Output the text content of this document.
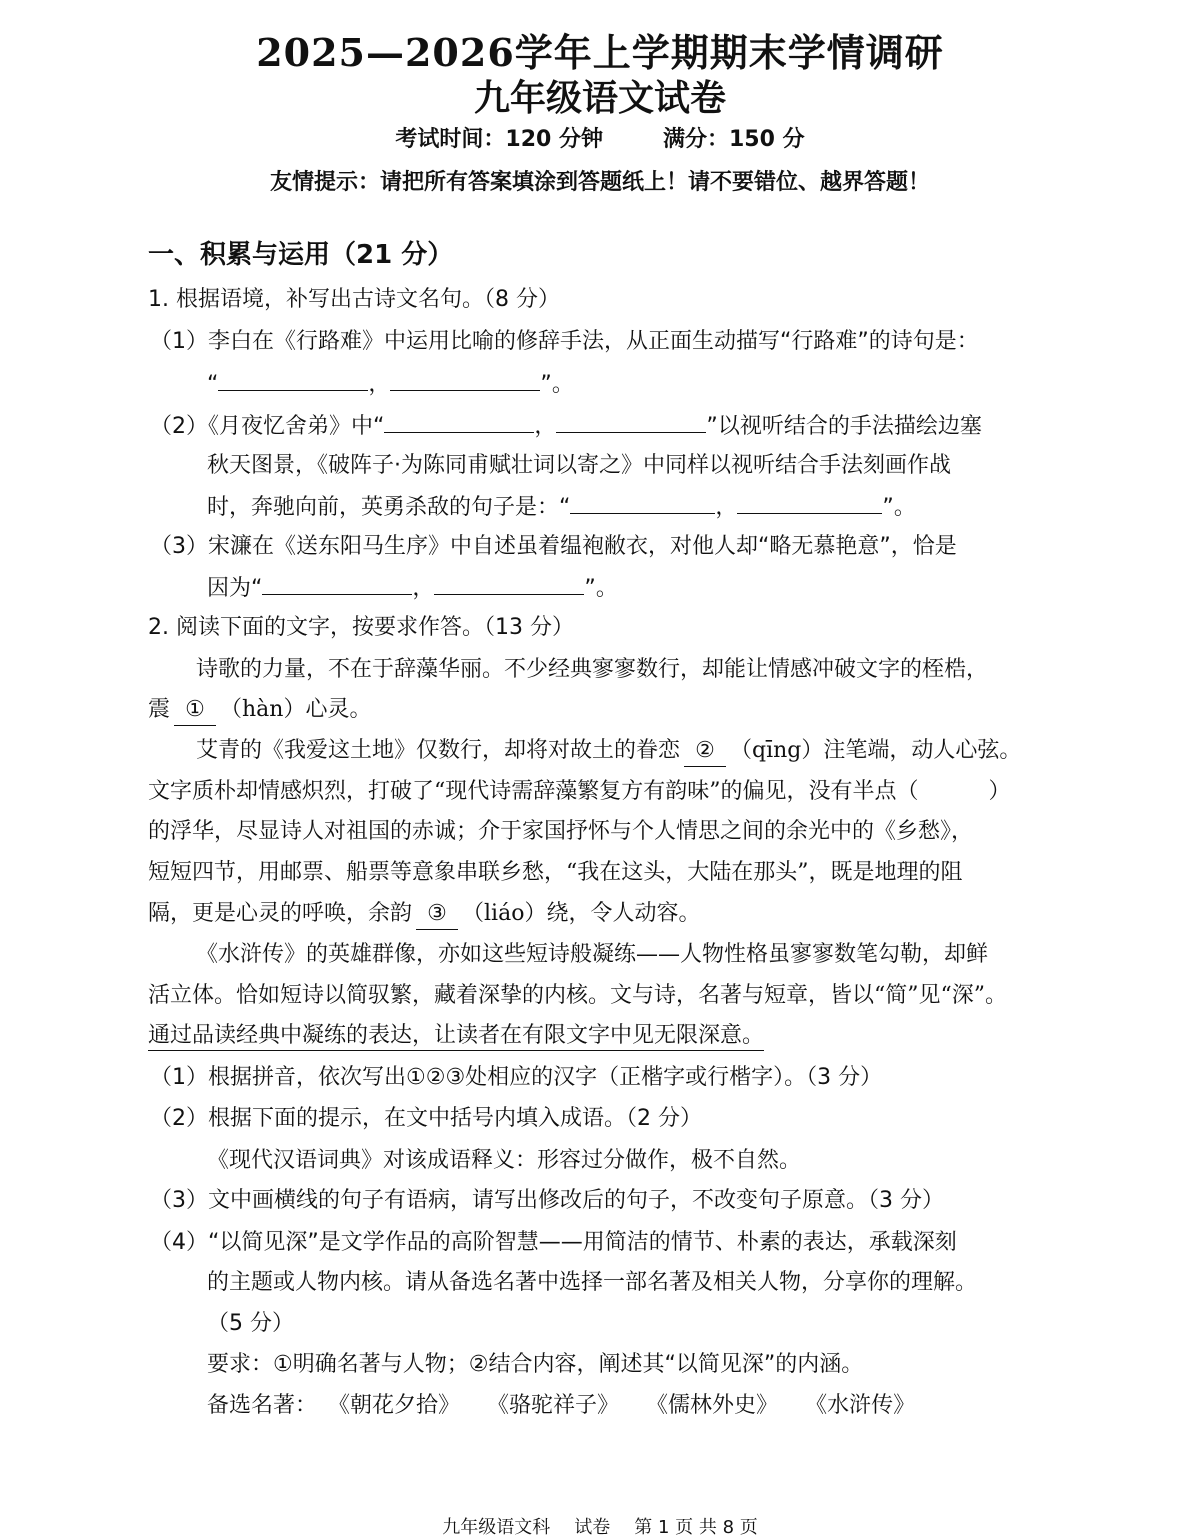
2025—2026学年上学期期末学情调研
九年级语文试卷
考试时间：120 分钟	满分：150 分
友情提示：请把所有答案填涂到答题纸上！请不要错位、越界答题！
一、积累与运用（21 分）
1. 根据语境，补写出古诗文名句。（8 分）
（1）李白在《行路难》中运用比喻的修辞手法，从正面生动描写“行路难”的诗句是：
“	，	”。
（2）《月夜忆舍弟》中“	，	”以视听结合的手法描绘边塞
秋天图景，《破阵子·为陈同甫赋壮词以寄之》中同样以视听结合手法刻画作战
时，奔驰向前，英勇杀敌的句子是：“	，	”。
（3）宋濂在《送东阳马生序》中自述虽着缊袍敝衣，对他人却“略无慕艳意”，恰是
因为“	，	”。
2. 阅读下面的文字，按要求作答。（13 分）
诗歌的力量，不在于辞藻华丽。不少经典寥寥数行，却能让情感冲破文字的桎梏，
震 ① （hàn）心灵。
艾青的《我爱这土地》仅数行，却将对故土的眷恋 ② （qīng）注笔端，动人心弦。
文字质朴却情感炽烈，打破了“现代诗需辞藻繁复方有韵味”的偏见，没有半点（	）
的浮华，尽显诗人对祖国的赤诚；介于家国抒怀与个人情思之间的余光中的《乡愁》，
短短四节，用邮票、船票等意象串联乡愁，“我在这头，大陆在那头”，既是地理的阻
隔，更是心灵的呼唤，余韵 ③ （liáo）绕，令人动容。
《水浒传》的英雄群像，亦如这些短诗般凝练——人物性格虽寥寥数笔勾勒，却鲜
活立体。恰如短诗以简驭繁，藏着深挚的内核。文与诗，名著与短章，皆以“简”见“深”。
通过品读经典中凝练的表达，让读者在有限文字中见无限深意。
（1）根据拼音，依次写出①②③处相应的汉字（正楷字或行楷字）。（3 分）
（2）根据下面的提示，在文中括号内填入成语。（2 分）
《现代汉语词典》对该成语释义：形容过分做作，极不自然。
（3）文中画横线的句子有语病，请写出修改后的句子，不改变句子原意。（3 分）
（4）“以简见深”是文学作品的高阶智慧——用简洁的情节、朴素的表达，承载深刻
的主题或人物内核。请从备选名著中选择一部名著及相关人物，分享你的理解。
（5 分）
要求：①明确名著与人物；②结合内容，阐述其“以简见深”的内涵。
备选名著： 《朝花夕拾》 《骆驼祥子》 《儒林外史》 《水浒传》
九年级语文科 试卷 第 1 页 共 8 页
